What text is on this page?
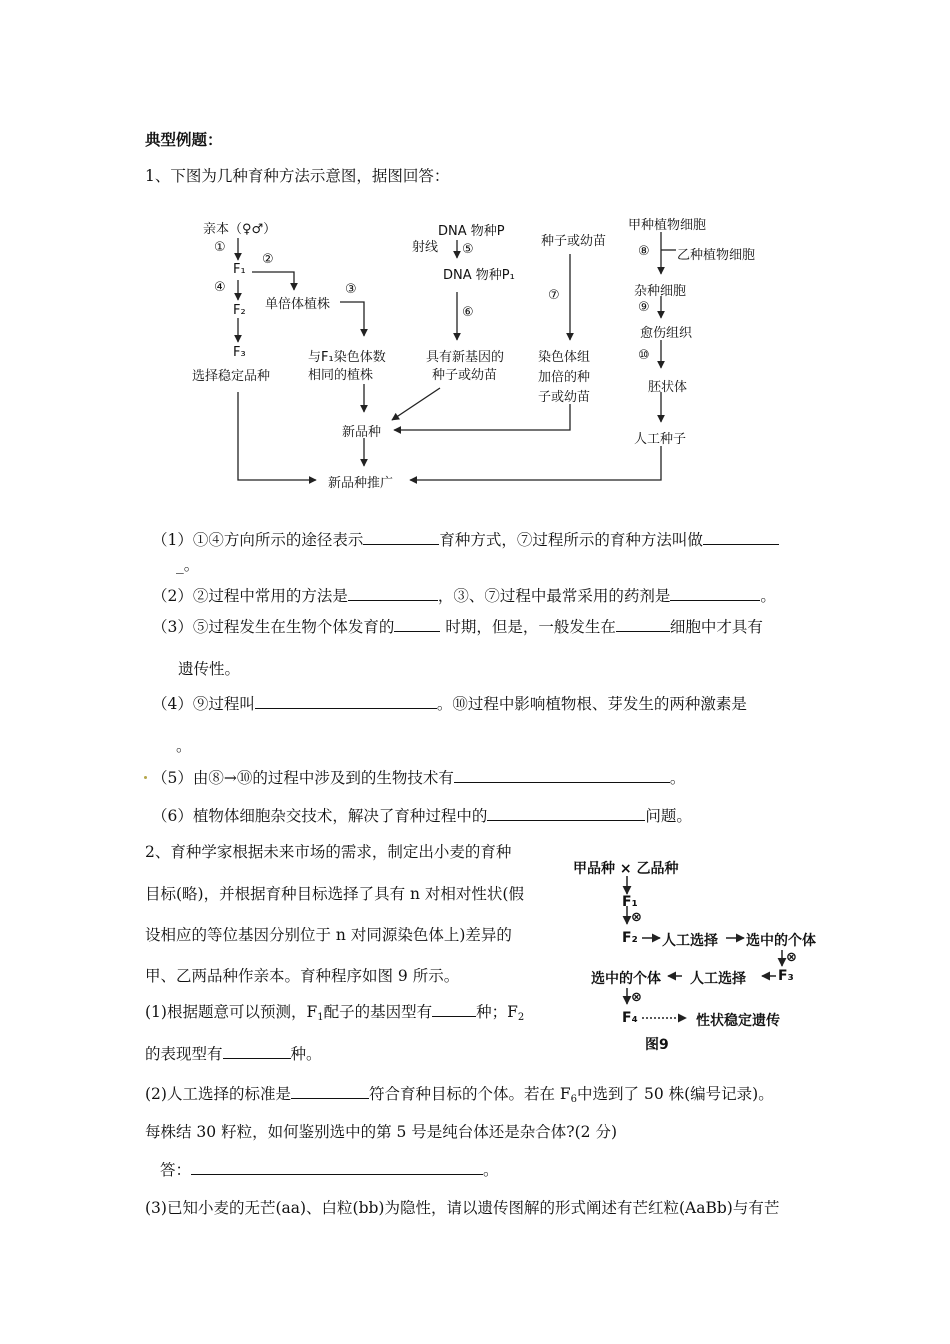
典型例题：
1、下图为几种育种方法示意图，据图回答：
亲本（♀♂）
①
F₁
②
④
F₂
F₃
选择稳定品种
单倍体植株
③
与F₁染色体数
相同的植株
DNA 物种P
射线 ⑤
DNA 物种P₁
⑥
具有新基因的
种子或幼苗
种子或幼苗
⑦
染色体组
加倍的种
子或幼苗
甲种植物细胞
⑧ 乙种植物细胞
杂种细胞
⑨
愈伤组织
⑩
胚状体
人工种子
新品种
新品种推广
（1）①④方向所示的途径表示	育种方式，⑦过程所示的育种方法叫做
_。
（2）②过程中常用的方法是	，③、⑦过程中最常采用的药剂是	。
（3）⑤过程发生在生物个体发育的	时期，但是，一般发生在	细胞中才具有
遗传性。
（4）⑨过程叫	。⑩过程中影响植物根、芽发生的两种激素是
。
（5）由⑧→⑩的过程中涉及到的生物技术有	。
（6）植物体细胞杂交技术，解决了育种过程中的	问题。
2、育种学家根据未来市场的需求，制定出小麦的育种
目标(略)，并根据育种目标选择了具有 n 对相对性状(假
设相应的等位基因分别位于 n 对同源染色体上)差异的
甲、乙两品种作亲本。育种程序如图 9 所示。
(1)根据题意可以预测，$F_1$配子的基因型有	种；$F_2$
的表现型有	种。
(2)人工选择的标准是	符合育种目标的个体。若在 $F_6$中选到了 50 株(编号记录)。
每株结 30 籽粒，如何鉴别选中的第 5 号是纯台体还是杂合体?(2 分)
答：	。
(3)已知小麦的无芒(aa)、白粒(bb)为隐性，请以遗传图解的形式阐述有芒红粒(AaBb)与有芒
甲品种 × 乙品种
F₁
⊗
F₂ 人工选择 选中的个体
⊗
选中的个体 人工选择 F₃
⊗
F₄	性状稳定遗传
图9
